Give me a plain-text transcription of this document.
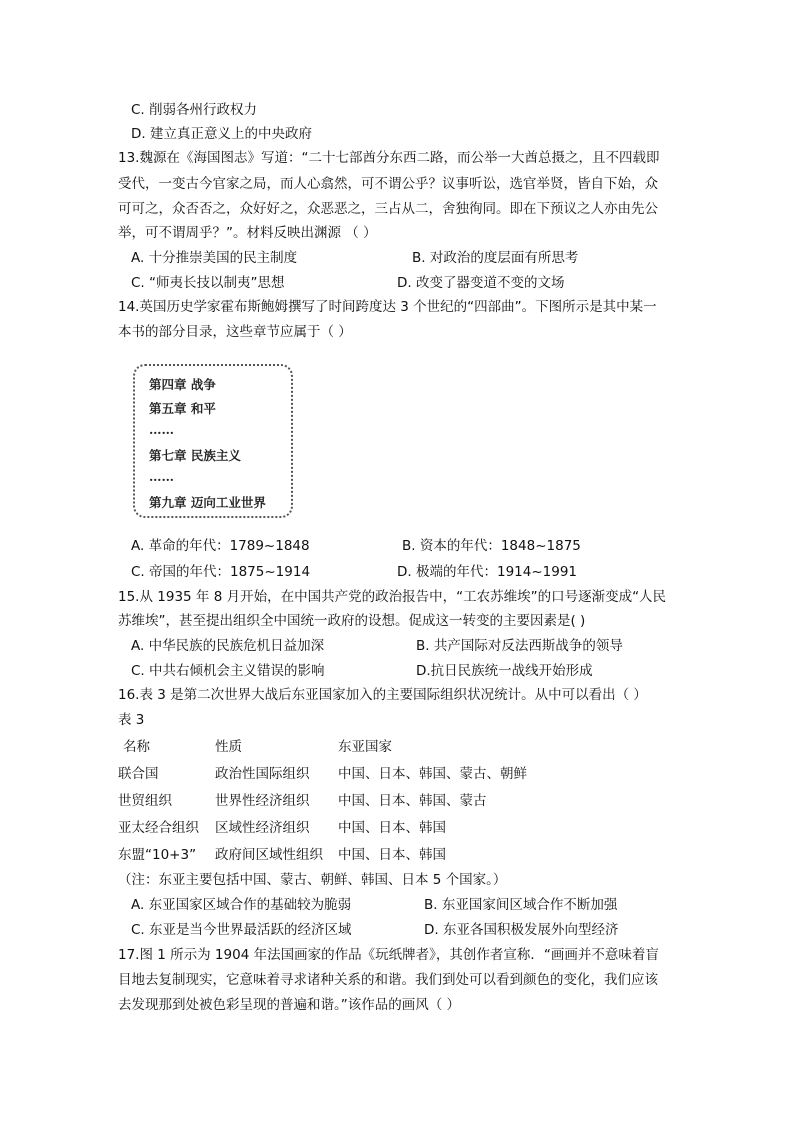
C. 削弱各州行政权力
D. 建立真正意义上的中央政府
13.魏源在《海国图志》写道：“二十七部酋分东西二路，而公举一大酋总摄之，且不四载即
受代，一变古今官家之局，而人心翕然，可不谓公乎？议事听讼，选官举贤，皆自下始，众
可可之，众否否之，众好好之，众恶恶之，三占从二，舍独徇同。即在下预议之人亦由先公
举，可不谓周乎？”。材料反映出渊源 （ ）
A. 十分推崇美国的民主制度	B. 对政治的度层面有所思考
C. “师夷长技以制夷”思想	D. 改变了器变道不变的文场
14.英国历史学家霍布斯鲍姆撰写了时间跨度达 3 个世纪的“四部曲”。下图所示是其中某一
本书的部分目录，这些章节应属于（ ）
第四章 战争
第五章 和平
……
第七章 民族主义
……
第九章 迈向工业世界
A. 革命的年代：1789~1848	B. 资本的年代：1848~1875
C. 帝国的年代：1875~1914	D. 极端的年代：1914~1991
15.从 1935 年 8 月开始，在中国共产党的政治报告中，“工农苏维埃”的口号逐渐变成“人民
苏维埃”，甚至提出组织全中国统一政府的设想。促成这一转变的主要因素是( )
A. 中华民族的民族危机日益加深	B. 共产国际对反法西斯战争的领导
C. 中共右倾机会主义错误的影响	D.抗日民族统一战线开始形成
16.表 3 是第二次世界大战后东亚国家加入的主要国际组织状况统计。从中可以看出（ ）
表 3
名称	性质	东亚国家
联合国	政治性国际组织 中国、日本、韩国、蒙古、朝鲜
世贸组织	世界性经济组织 中国、日本、韩国、蒙古
亚太经合组织 区域性经济组织 中国、日本、韩国
东盟“10+3” 政府间区域性组织 中国、日本、韩国
（注：东亚主要包括中国、蒙古、朝鲜、韩国、日本 5 个国家。）
A. 东亚国家区域合作的基础较为脆弱	B. 东亚国家间区域合作不断加强
C. 东亚是当今世界最活跃的经济区域	D. 东亚各国积极发展外向型经济
17.图 1 所示为 1904 年法国画家的作品《玩纸牌者》，其创作者宣称．“画画并不意味着盲
目地去复制现实，它意味着寻求诸种关系的和谐。我们到处可以看到颜色的变化，我们应该
去发现那到处被色彩呈现的普遍和谐。”该作品的画风（ ）
